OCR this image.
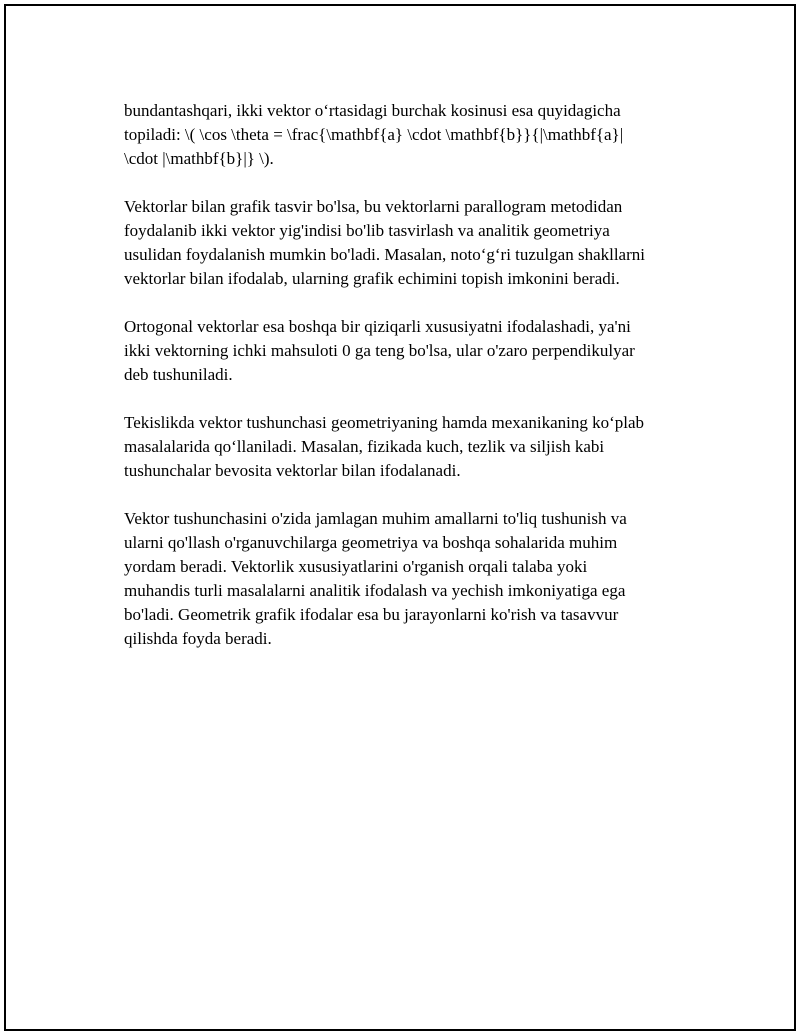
bundantashqari, ikki vektor o‘rtasidagi burchak kosinusi esa quyidagicha
topiladi: \( \cos \theta = \frac{\mathbf{a} \cdot \mathbf{b}}{|\mathbf{a}|
\cdot |\mathbf{b}|} \).

Vektorlar bilan grafik tasvir bo'lsa, bu vektorlarni parallogram metodidan
foydalanib ikki vektor yig'indisi bo'lib tasvirlash va analitik geometriya
usulidan foydalanish mumkin bo'ladi. Masalan, noto‘g‘ri tuzulgan shakllarni
vektorlar bilan ifodalab, ularning grafik echimini topish imkonini beradi.

Ortogonal vektorlar esa boshqa bir qiziqarli xususiyatni ifodalashadi, ya'ni
ikki vektorning ichki mahsuloti 0 ga teng bo'lsa, ular o'zaro perpendikulyar
deb tushuniladi.

Tekislikda vektor tushunchasi geometriyaning hamda mexanikaning ko‘plab
masalalarida qo‘llaniladi. Masalan, fizikada kuch, tezlik va siljish kabi
tushunchalar bevosita vektorlar bilan ifodalanadi.

Vektor tushunchasini o'zida jamlagan muhim amallarni to'liq tushunish va
ularni qo'llash o'rganuvchilarga geometriya va boshqa sohalarida muhim
yordam beradi. Vektorlik xususiyatlarini o'rganish orqali talaba yoki
muhandis turli masalalarni analitik ifodalash va yechish imkoniyatiga ega
bo'ladi. Geometrik grafik ifodalar esa bu jarayonlarni ko'rish va tasavvur
qilishda foyda beradi.
